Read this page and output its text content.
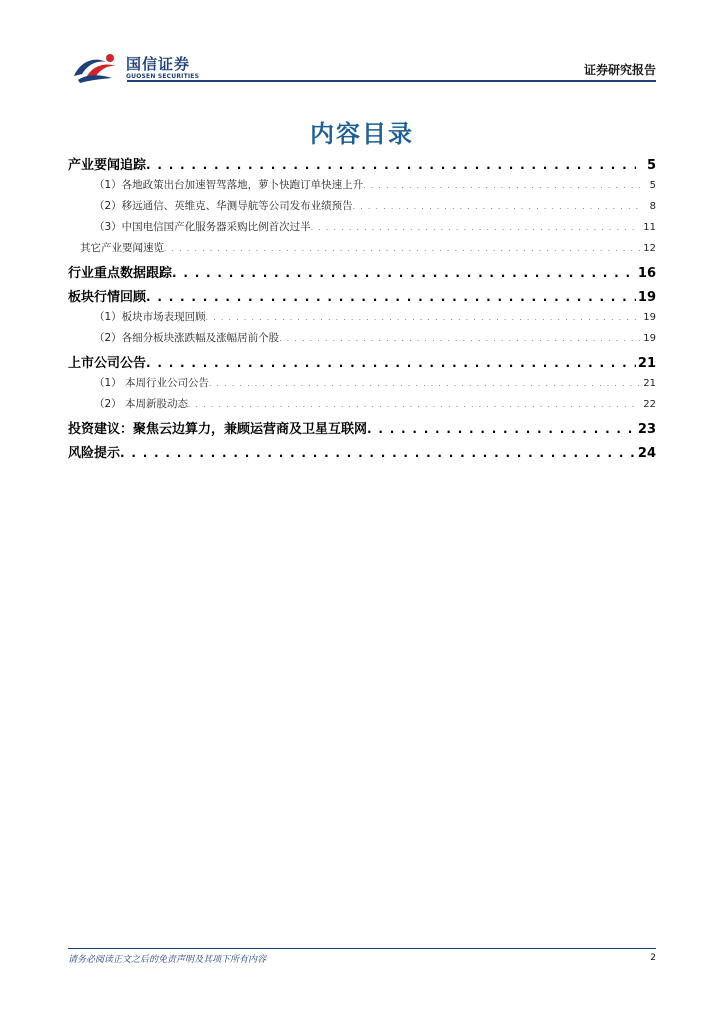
国信证券
GUOSEN SECURITIES	证券研究报告
内容目录
产业要闻追踪 . . .	5
（1）各地政策出台加速智驾落地，萝卜快跑订单快速上升 . . .	5
（2）移远通信、英维克、华测导航等公司发布业绩预告 . . .	8
（3）中国电信国产化服务器采购比例首次过半 . . .	11
其它产业要闻速览 . . .	12
行业重点数据跟踪 . . .	16
板块行情回顾 . . .	19
（1）板块市场表现回顾 . . .	19
（2）各细分板块涨跌幅及涨幅居前个股 . . .	19
上市公司公告 . . .	21
（1） 本周行业公司公告 . . .	21
（2） 本周新股动态 . . .	22
投资建议：聚焦云边算力，兼顾运营商及卫星互联网 . . .	23
风险提示 . . .	24
请务必阅读正文之后的免责声明及其项下所有内容	2
